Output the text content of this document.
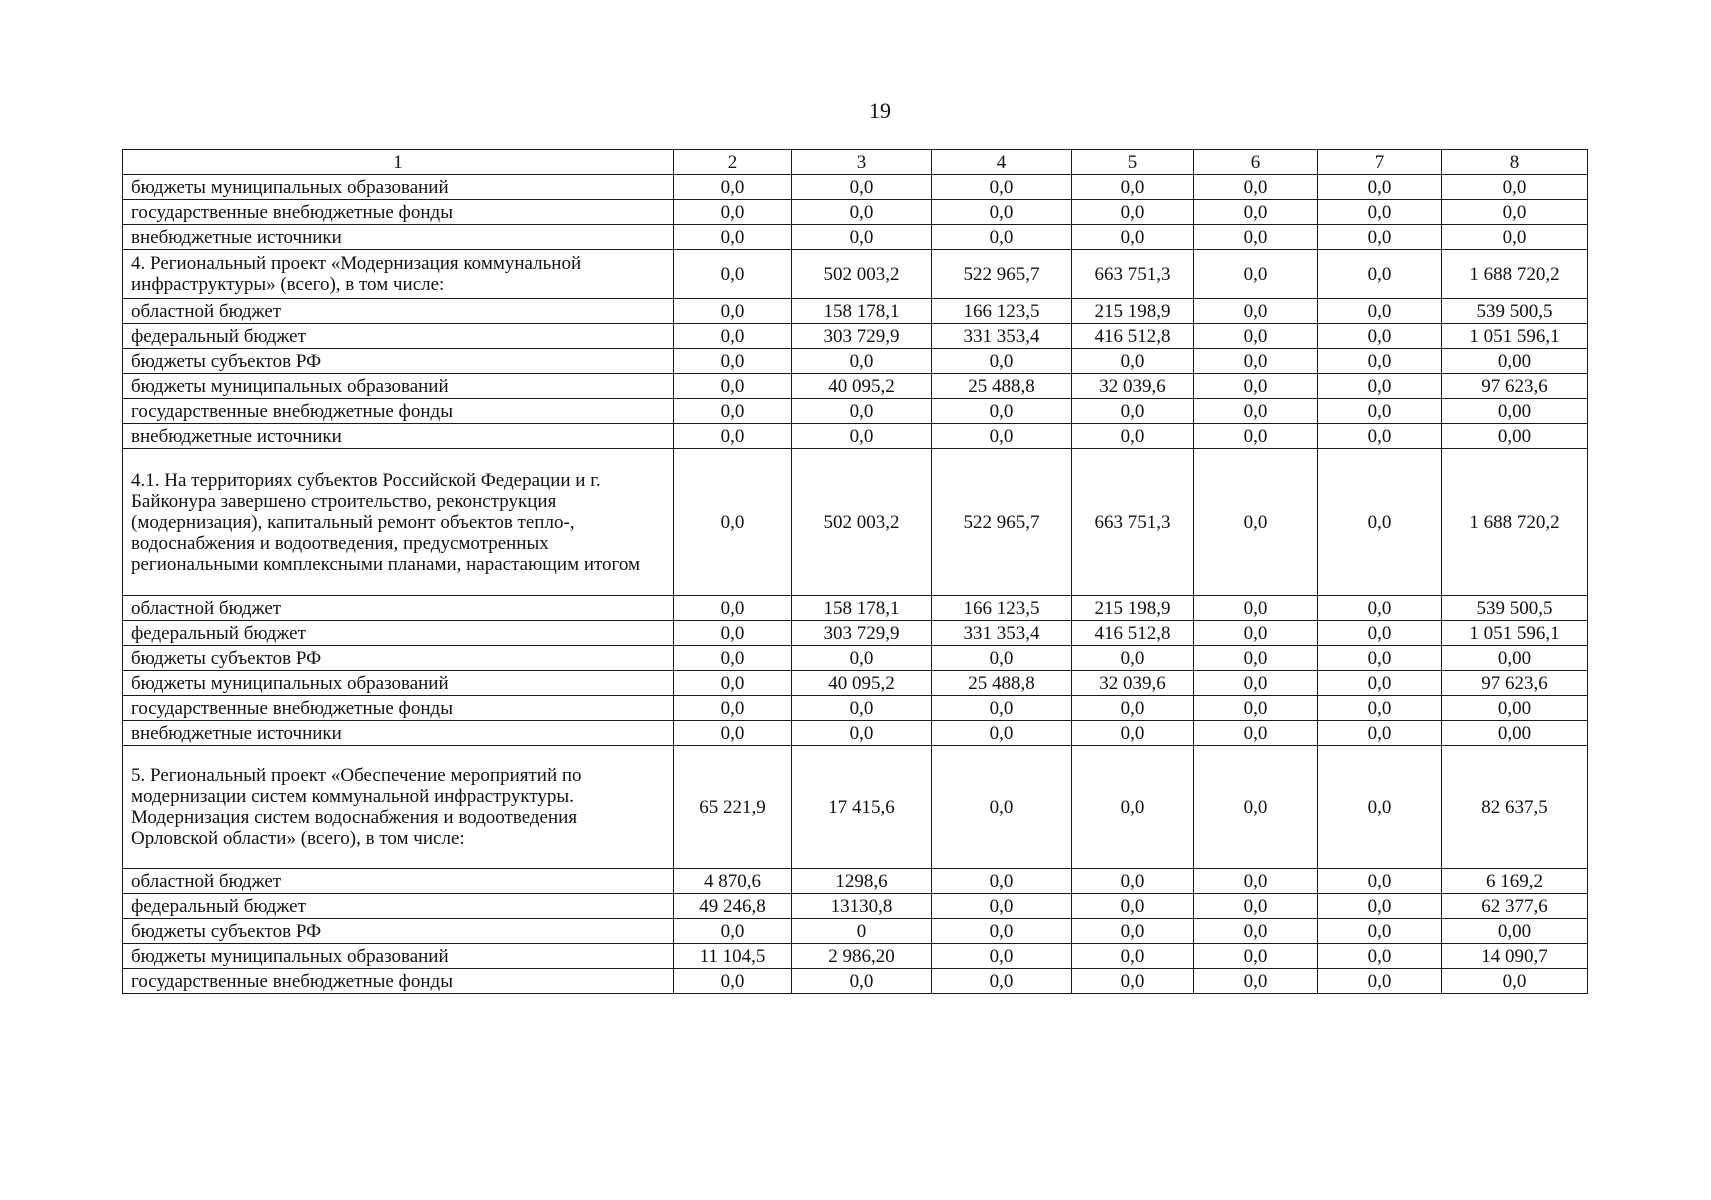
19
1	2	3	4	5	6	7	8
бюджеты муниципальных образований	0,0	0,0	0,0	0,0	0,0	0,0	0,0
государственные внебюджетные фонды	0,0	0,0	0,0	0,0	0,0	0,0	0,0
внебюджетные источники	0,0	0,0	0,0	0,0	0,0	0,0	0,0
4. Региональный проект «Модернизация коммунальной инфраструктуры» (всего), в том числе:	0,0	502 003,2	522 965,7	663 751,3	0,0	0,0	1 688 720,2
областной бюджет	0,0	158 178,1	166 123,5	215 198,9	0,0	0,0	539 500,5
федеральный бюджет	0,0	303 729,9	331 353,4	416 512,8	0,0	0,0	1 051 596,1
бюджеты субъектов РФ	0,0	0,0	0,0	0,0	0,0	0,0	0,00
бюджеты муниципальных образований	0,0	40 095,2	25 488,8	32 039,6	0,0	0,0	97 623,6
государственные внебюджетные фонды	0,0	0,0	0,0	0,0	0,0	0,0	0,00
внебюджетные источники	0,0	0,0	0,0	0,0	0,0	0,0	0,00
4.1. На территориях субъектов Российской Федерации и г. Байконура завершено строительство, реконструкция (модернизация), капитальный ремонт объектов тепло-, водоснабжения и водоотведения, предусмотренных региональными комплексными планами, нарастающим итогом	0,0	502 003,2	522 965,7	663 751,3	0,0	0,0	1 688 720,2
областной бюджет	0,0	158 178,1	166 123,5	215 198,9	0,0	0,0	539 500,5
федеральный бюджет	0,0	303 729,9	331 353,4	416 512,8	0,0	0,0	1 051 596,1
бюджеты субъектов РФ	0,0	0,0	0,0	0,0	0,0	0,0	0,00
бюджеты муниципальных образований	0,0	40 095,2	25 488,8	32 039,6	0,0	0,0	97 623,6
государственные внебюджетные фонды	0,0	0,0	0,0	0,0	0,0	0,0	0,00
внебюджетные источники	0,0	0,0	0,0	0,0	0,0	0,0	0,00
5. Региональный проект «Обеспечение мероприятий по модернизации систем коммунальной инфраструктуры. Модернизация систем водоснабжения и водоотведения Орловской области» (всего), в том числе:	65 221,9	17 415,6	0,0	0,0	0,0	0,0	82 637,5
областной бюджет	4 870,6	1298,6	0,0	0,0	0,0	0,0	6 169,2
федеральный бюджет	49 246,8	13130,8	0,0	0,0	0,0	0,0	62 377,6
бюджеты субъектов РФ	0,0	0	0,0	0,0	0,0	0,0	0,00
бюджеты муниципальных образований	11 104,5	2 986,20	0,0	0,0	0,0	0,0	14 090,7
государственные внебюджетные фонды	0,0	0,0	0,0	0,0	0,0	0,0	0,0
